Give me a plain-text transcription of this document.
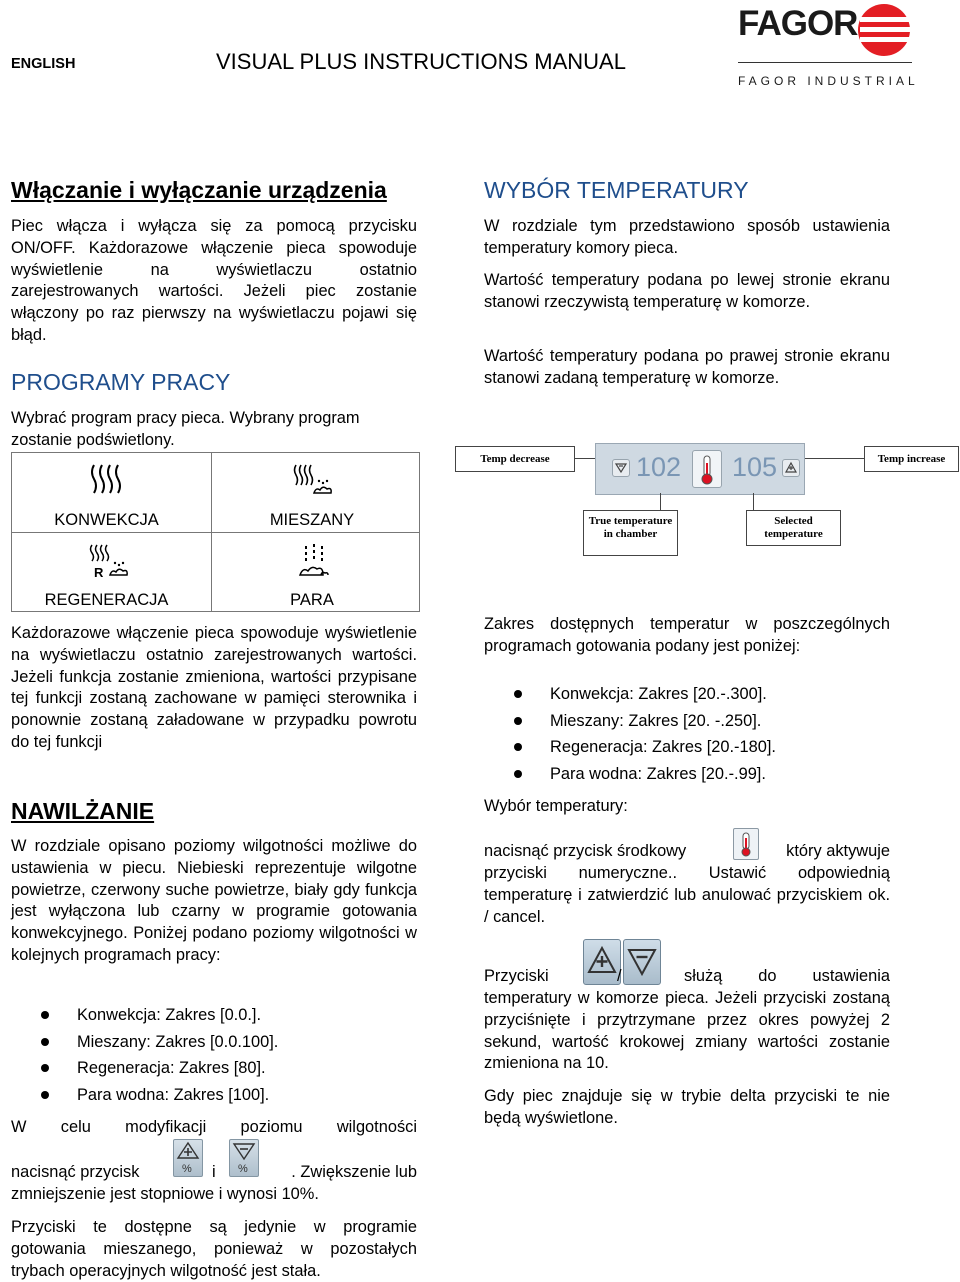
ENGLISH	VISUAL PLUS INSTRUCTIONS MANUAL
FAGOR
FAGOR INDUSTRIAL
Włączanie i wyłączanie urządzenia
Piec włącza i wyłącza się za pomocą przycisku ON/OFF. Każdorazowe włączenie pieca spowoduje wyświetlenie na wyświetlaczu ostatnio zarejestrowanych wartości. Jeżeli piec zostanie włączony po raz pierwszy na wyświetlaczu pojawi się błąd.
PROGRAMY PRACY
Wybrać program pracy pieca. Wybrany program zostanie podświetlony.
KONWEKCJA	MIESZANY
R
REGENERACJA	PARA
Każdorazowe włączenie pieca spowoduje wyświetlenie na wyświetlaczu ostatnio zarejestrowanych wartości. Jeżeli funkcja zostanie zmieniona, wartości przypisane tej funkcji zostaną zachowane w pamięci sterownika i ponownie zostaną załadowane w przypadku powrotu do tej funkcji
NAWILŻANIE
W rozdziale opisano poziomy wilgotności możliwe do ustawienia w piecu. Niebieski reprezentuje wilgotne powietrze, czerwony suche powietrze, biały gdy funkcja jest wyłączona lub czarny w programie gotowania konwekcyjnego. Poniżej podano poziomy wilgotności w kolejnych programach pracy:
Konwekcja: Zakres [0.0.].
Mieszany: Zakres [0.0.100].
Regeneracja: Zakres [80].
Para wodna: Zakres [100].
W celu modyfikacji poziomu wilgotności
nacisnąć przycisk	% i %	. Zwiększenie lub
zmniejszenie jest stopniowe i wynosi 10%.
Przyciski te dostępne są jedynie w programie gotowania mieszanego, ponieważ w pozostałych trybach operacyjnych wilgotność jest stała.
WYBÓR TEMPERATURY
W rozdziale tym przedstawiono sposób ustawienia temperatury komory pieca.
Wartość temperatury podana po lewej stronie ekranu stanowi rzeczywistą temperaturę w komorze.
Wartość temperatury podana po prawej stronie ekranu stanowi zadaną temperaturę w komorze.
Temp decrease	Temp increase
102 105
True temperature in chamber
Selected temperature
Zakres dostępnych temperatur w poszczególnych programach gotowania podany jest poniżej:
Konwekcja: Zakres [20.-.300].
Mieszany: Zakres [20. -.250].
Regeneracja: Zakres [20.-180].
Para wodna: Zakres [20.-.99].
Wybór temperatury:
nacisnąć przycisk środkowy	który aktywuje
przyciski numeryczne.. Ustawić odpowiednią temperaturę i zatwierdzić lub anulować przyciskiem ok. / cancel.
Przyciski	/	służą do ustawienia
temperatury w komorze pieca. Jeżeli przyciski zostaną przyciśnięte i przytrzymane przez okres powyżej 2 sekund, wartość krokowej zmiany wartości zostanie zmieniona na 10.
Gdy piec znajduje się w trybie delta przyciski te nie będą wyświetlone.
